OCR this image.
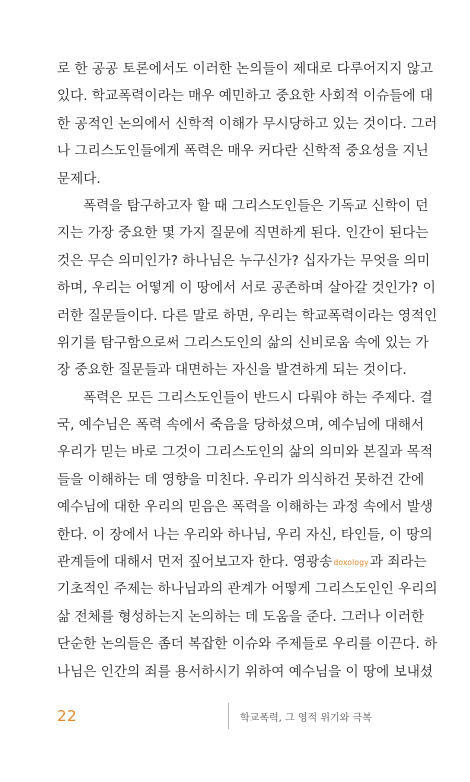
로 한 공공 토론에서도 이러한 논의들이 제대로 다루어지지 않고
있다. 학교폭력이라는 매우 예민하고 중요한 사회적 이슈들에 대
한 공적인 논의에서 신학적 이해가 무시당하고 있는 것이다. 그러
나 그리스도인들에게 폭력은 매우 커다란 신학적 중요성을 지닌
문제다.
폭력을 탐구하고자 할 때 그리스도인들은 기독교 신학이 던
지는 가장 중요한 몇 가지 질문에 직면하게 된다. 인간이 된다는
것은 무슨 의미인가? 하나님은 누구신가? 십자가는 무엇을 의미
하며, 우리는 어떻게 이 땅에서 서로 공존하며 살아갈 것인가? 이
러한 질문들이다. 다른 말로 하면, 우리는 학교폭력이라는 영적인
위기를 탐구함으로써 그리스도인의 삶의 신비로움 속에 있는 가
장 중요한 질문들과 대면하는 자신을 발견하게 되는 것이다.
폭력은 모든 그리스도인들이 반드시 다뤄야 하는 주제다. 결
국, 예수님은 폭력 속에서 죽음을 당하셨으며, 예수님에 대해서
우리가 믿는 바로 그것이 그리스도인의 삶의 의미와 본질과 목적
들을 이해하는 데 영향을 미친다. 우리가 의식하건 못하건 간에
예수님에 대한 우리의 믿음은 폭력을 이해하는 과정 속에서 발생
한다. 이 장에서 나는 우리와 하나님, 우리 자신, 타인들, 이 땅의
관계들에 대해서 먼저 짚어보고자 한다. 영광송doxology과 죄라는
기초적인 주제는 하나님과의 관계가 어떻게 그리스도인인 우리의
삶 전체를 형성하는지 논의하는 데 도움을 준다. 그러나 이러한
단순한 논의들은 좀더 복잡한 이슈와 주제들로 우리를 이끈다. 하
나님은 인간의 죄를 용서하시기 위하여 예수님을 이 땅에 보내셨
22	학교폭력, 그 영적 위기와 극복
